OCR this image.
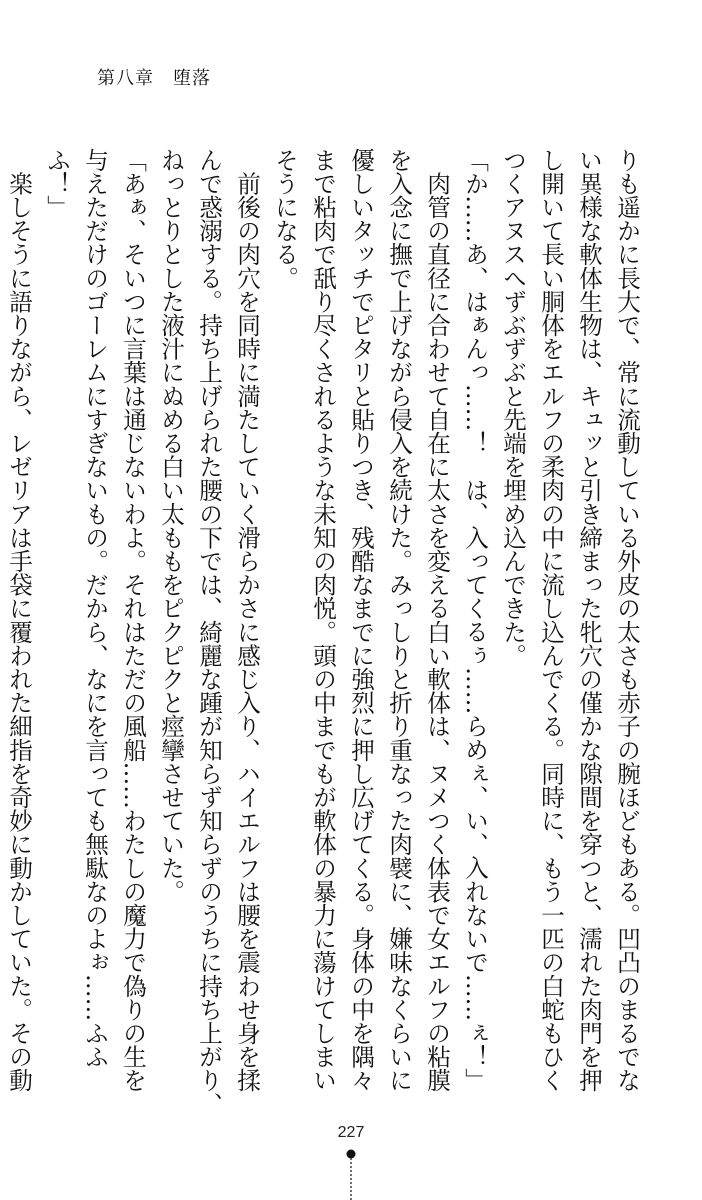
第八章　堕落

りも遥かに長大で、常に流動している外皮の太さも赤子の腕ほどもある。凹凸のまるでな

い異様な軟体生物は、キュッと引き締まった牝穴の僅かな隙間を穿つと、濡れた肉門を押

し開いて長い胴体をエルフの柔肉の中に流し込んでくる。同時に、もう一匹の白蛇もひく

つくアヌスへずぶずぶと先端を埋め込んできた。

「か……あ、はぁんっ……！　は、入ってくるぅ……らめぇ、い、入れないで……ぇ！」

　肉管の直径に合わせて自在に太さを変える白い軟体は、ヌメつく体表で女エルフの粘膜

を入念に撫で上げながら侵入を続けた。みっしりと折り重なった肉襞に、嫌味なくらいに

優しいタッチでピタリと貼りつき、残酷なまでに強烈に押し広げてくる。身体の中を隅々

まで粘肉で舐り尽くされるような未知の肉悦。頭の中までもが軟体の暴力に蕩けてしまい

そうになる。

　前後の肉穴を同時に満たしていく滑らかさに感じ入り、ハイエルフは腰を震わせ身を揉

んで惑溺する。持ち上げられた腰の下では、綺麗な踵が知らず知らずのうちに持ち上がり、

ねっとりとした液汁にぬめる白い太ももをピクピクと痙攣させていた。

「あぁ、そいつに言葉は通じないわよ。それはただの風船……わたしの魔力で偽りの生を

与えただけのゴーレムにすぎないもの。だから、なにを言っても無駄なのよぉ……ふふ

ふ！」

　楽しそうに語りながら、レゼリアは手袋に覆われた細指を奇妙に動かしていた。その動

227
